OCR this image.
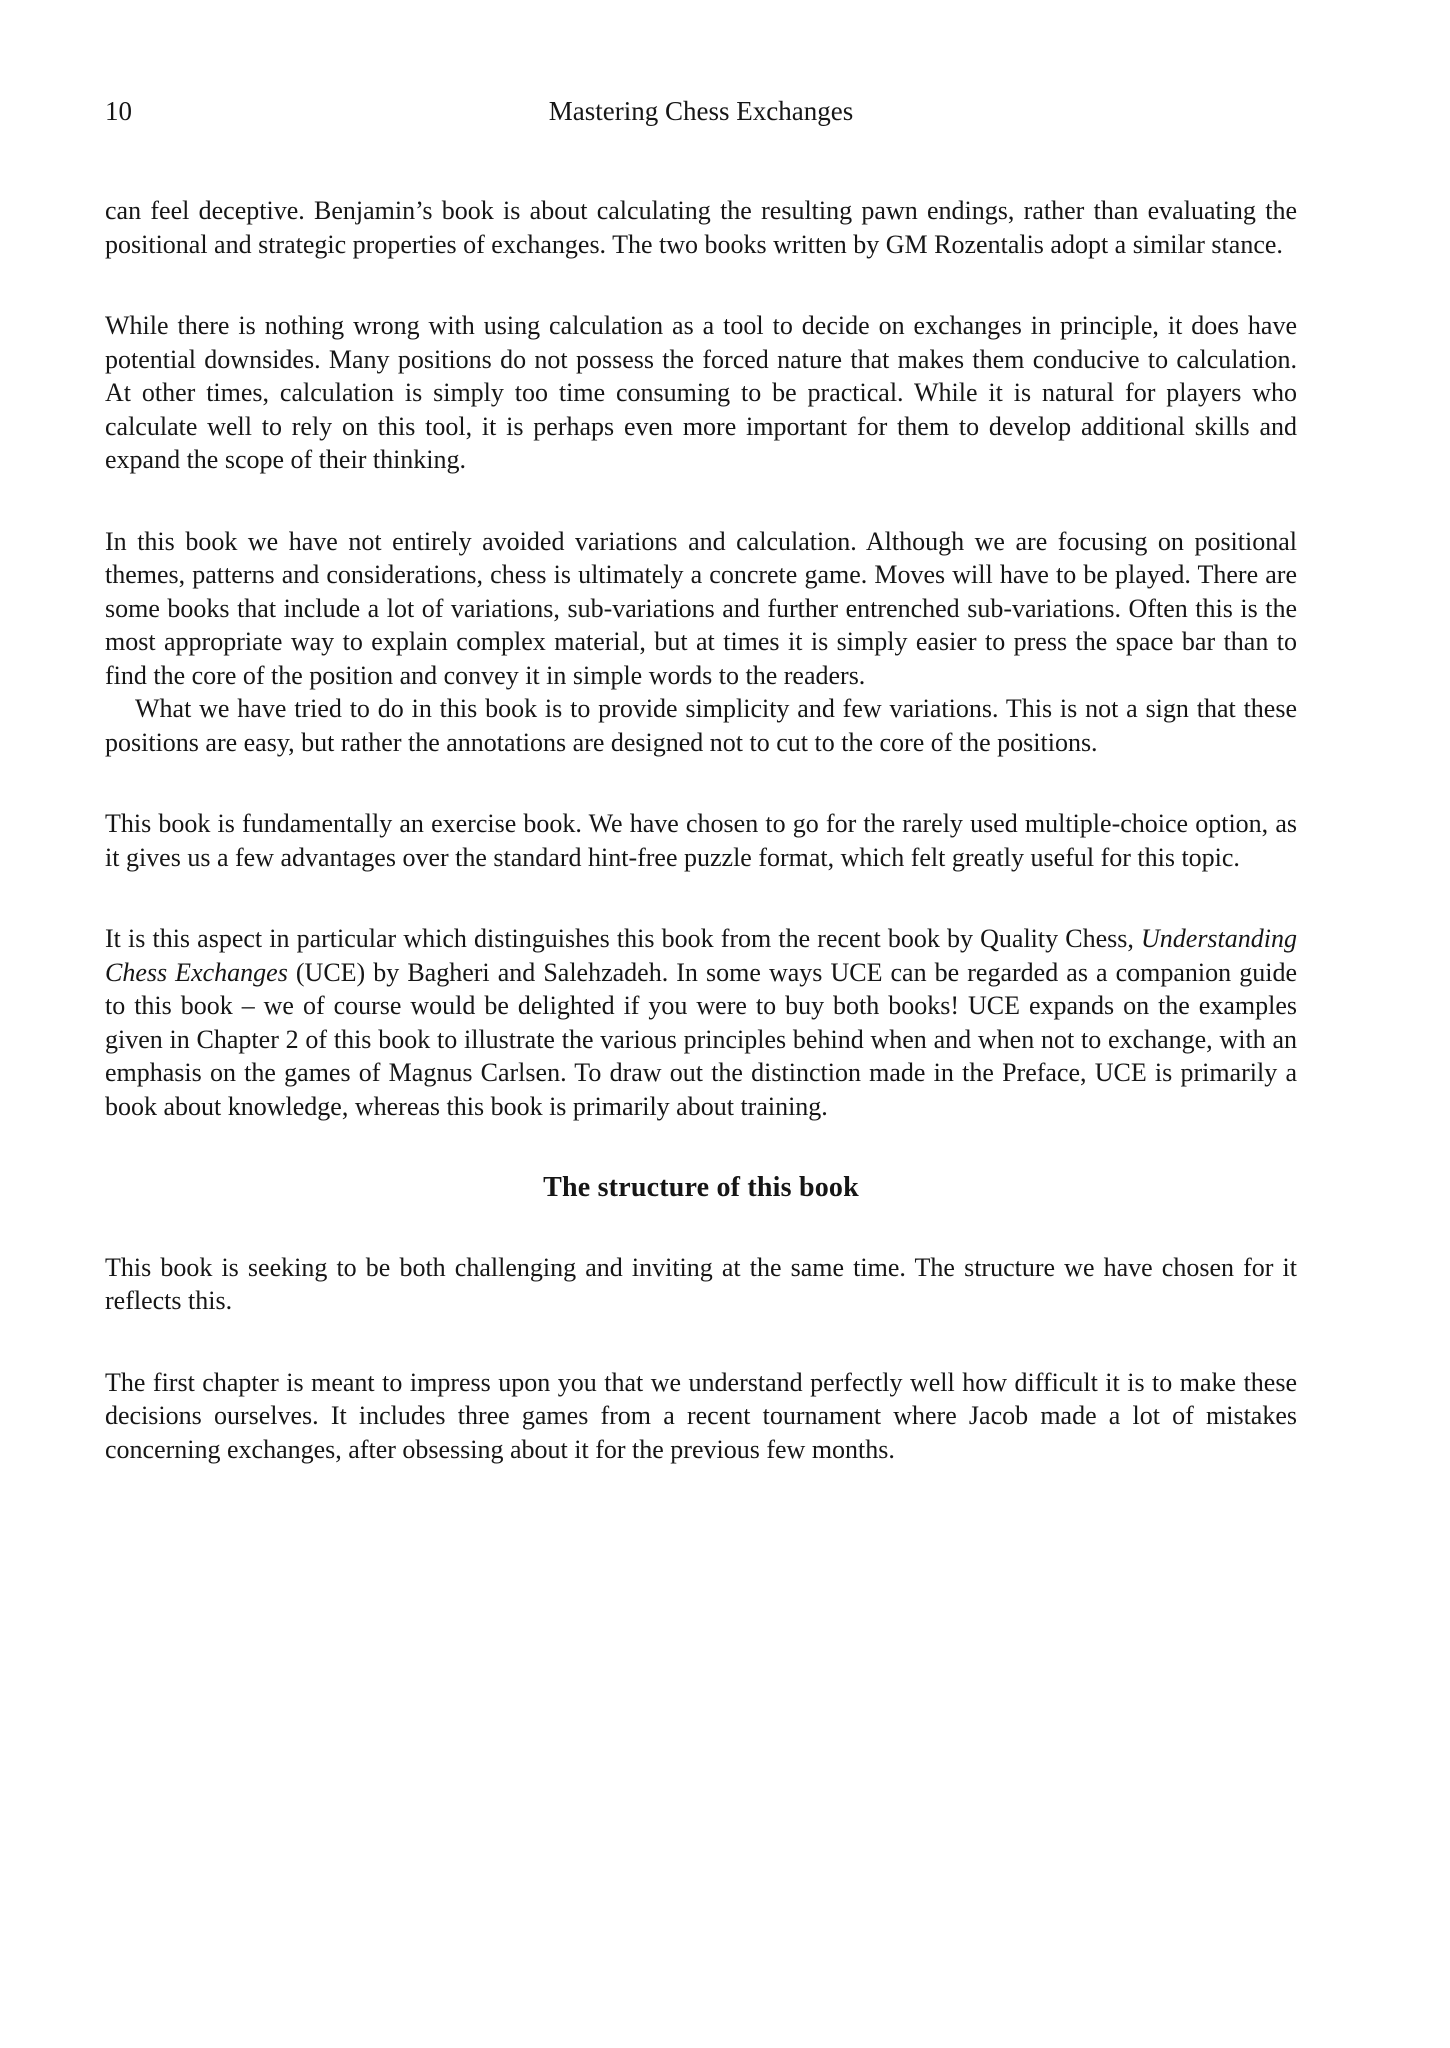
10	Mastering Chess Exchanges

can feel deceptive. Benjamin’s book is about calculating the resulting pawn endings, rather than evaluating the positional and strategic properties of exchanges. The two books written by GM Rozentalis adopt a similar stance.

While there is nothing wrong with using calculation as a tool to decide on exchanges in principle, it does have potential downsides. Many positions do not possess the forced nature that makes them conducive to calculation. At other times, calculation is simply too time consuming to be practical. While it is natural for players who calculate well to rely on this tool, it is perhaps even more important for them to develop additional skills and expand the scope of their thinking.

In this book we have not entirely avoided variations and calculation. Although we are focusing on positional themes, patterns and considerations, chess is ultimately a concrete game. Moves will have to be played. There are some books that include a lot of variations, sub-variations and further entrenched sub-variations. Often this is the most appropriate way to explain complex material, but at times it is simply easier to press the space bar than to find the core of the position and convey it in simple words to the readers.

What we have tried to do in this book is to provide simplicity and few variations. This is not a sign that these positions are easy, but rather the annotations are designed not to cut to the core of the positions.

This book is fundamentally an exercise book. We have chosen to go for the rarely used multiple-choice option, as it gives us a few advantages over the standard hint-free puzzle format, which felt greatly useful for this topic.

It is this aspect in particular which distinguishes this book from the recent book by Quality Chess, Understanding Chess Exchanges (UCE) by Bagheri and Salehzadeh. In some ways UCE can be regarded as a companion guide to this book – we of course would be delighted if you were to buy both books! UCE expands on the examples given in Chapter 2 of this book to illustrate the various principles behind when and when not to exchange, with an emphasis on the games of Magnus Carlsen. To draw out the distinction made in the Preface, UCE is primarily a book about knowledge, whereas this book is primarily about training.

The structure of this book

This book is seeking to be both challenging and inviting at the same time. The structure we have chosen for it reflects this.

The first chapter is meant to impress upon you that we understand perfectly well how difficult it is to make these decisions ourselves. It includes three games from a recent tournament where Jacob made a lot of mistakes concerning exchanges, after obsessing about it for the previous few months.
